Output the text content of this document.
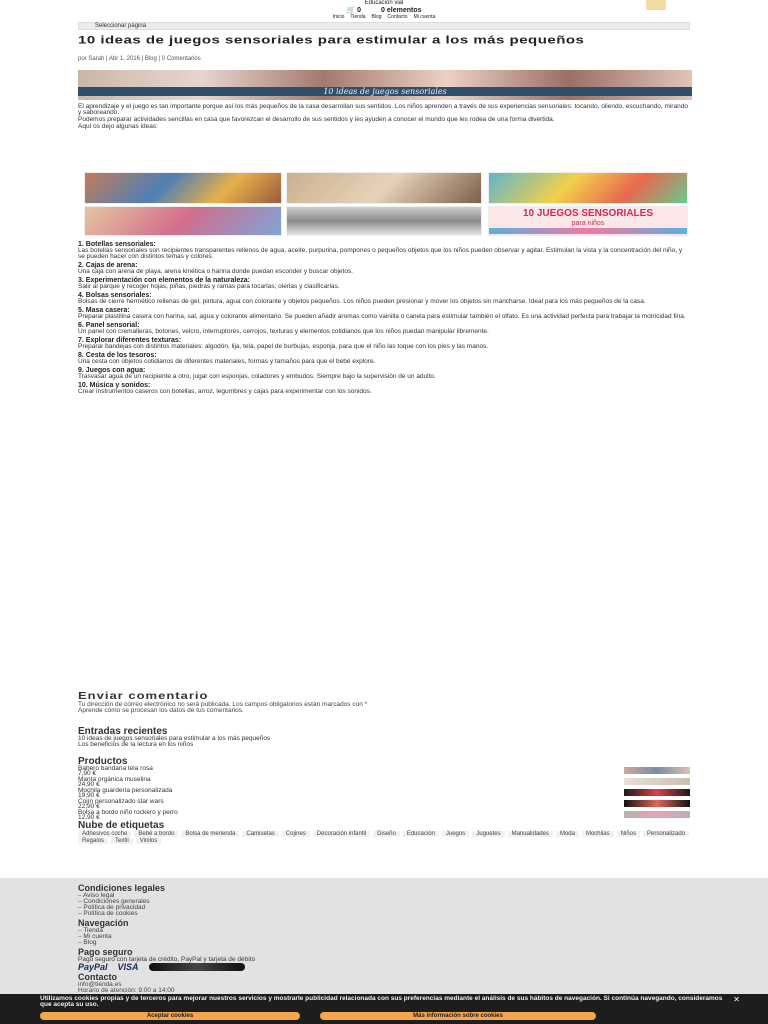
Educación vial
🛒 0	0 elementos
Inicio Tienda Blog Contacto Mi cuenta
Seleccionar página
10 ideas de juegos sensoriales para estimular a los más pequeños
por Sarah | Abr 1, 2016 | Blog | 0 Comentarios
10 ideas de juegos sensoriales

El aprendizaje y el juego es tan importante porque así los más pequeños de la casa desarrollan sus sentidos. Los niños aprenden a través de sus experiencias sensoriales: tocando, oliendo, escuchando, mirando y saboreando.

Podemos preparar actividades sencillas en casa que favorezcan el desarrollo de sus sentidos y les ayuden a conocer el mundo que les rodea de una forma divertida.

Aquí os dejo algunas ideas:

10 JUEGOS SENSORIALES
para niños
1. Botellas sensoriales:

Las botellas sensoriales son recipientes transparentes rellenos de agua, aceite, purpurina, pompones o pequeños objetos que los niños pueden observar y agitar. Estimulan la vista y la concentración del niño, y se pueden hacer con distintos temas y colores.

2. Cajas de arena:

Una caja con arena de playa, arena kinética o harina donde puedan esconder y buscar objetos.

3. Experimentación con elementos de la naturaleza:

Salir al parque y recoger hojas, piñas, piedras y ramas para tocarlas, olerlas y clasificarlas.

4. Bolsas sensoriales:

Bolsas de cierre hermético rellenas de gel, pintura, agua con colorante y objetos pequeños. Los niños pueden presionar y mover los objetos sin mancharse. Ideal para los más pequeños de la casa.

5. Masa casera:

Preparar plastilina casera con harina, sal, agua y colorante alimentario. Se pueden añadir aromas como vainilla o canela para estimular también el olfato. Es una actividad perfecta para trabajar la motricidad fina.

6. Panel sensorial:

Un panel con cremalleras, botones, velcro, interruptores, cerrojos, texturas y elementos cotidianos que los niños puedan manipular libremente.

7. Explorar diferentes texturas:

Preparar bandejas con distintos materiales: algodón, lija, tela, papel de burbujas, esponja, para que el niño las toque con los pies y las manos.

8. Cesta de los tesoros:

Una cesta con objetos cotidianos de diferentes materiales, formas y tamaños para que el bebé explore.

9. Juegos con agua:

Trasvasar agua de un recipiente a otro, jugar con esponjas, coladores y embudos. Siempre bajo la supervisión de un adulto.

10. Música y sonidos:

Crear instrumentos caseros con botellas, arroz, legumbres y cajas para experimentar con los sonidos.

Enviar comentario

Tu dirección de correo electrónico no será publicada. Los campos obligatorios están marcados con *

Aprende cómo se procesan los datos de tus comentarios.

Entradas recientes

10 ideas de juegos sensoriales para estimular a los más pequeños

Los beneficios de la lectura en los niños

Productos
Babero bandana tela rosa
7,90 €
Manta orgánica muselina
24,90 €
Mochila guardería personalizada
19,90 €
Cojín personalizado star wars
22,90 €
Bolsa a bordo niño rockero y perro
12,90 €
Nube de etiquetas
Adhesivos coche	Bebé a bordo	Bolsa de merienda	Camisetas	Cojines	Decoración infantil	Diseño	Educación	Juegos	Juguetes	Manualidades	Moda	Mochilas	Niños	Personalizado
Regalos	Textil	Vinilos
Condiciones legales
– Aviso legal
– Condiciones generales
– Política de privacidad
– Política de cookies
Navegación
– Tienda
– Mi cuenta
– Blog
Pago seguro
Pago seguro con tarjeta de crédito, PayPal y tarjeta de débito
PayPal VISA
Contacto

info@tienda.es

Horario de atención: 9:00 a 14:00

Utilizamos cookies propias y de terceros para mejorar nuestros servicios y mostrarle publicidad relacionada con sus preferencias mediante el análisis de sus hábitos de navegación. Si continúa navegando, consideramos que acepta su uso.
✕
Aceptar cookies	Más información sobre cookies
